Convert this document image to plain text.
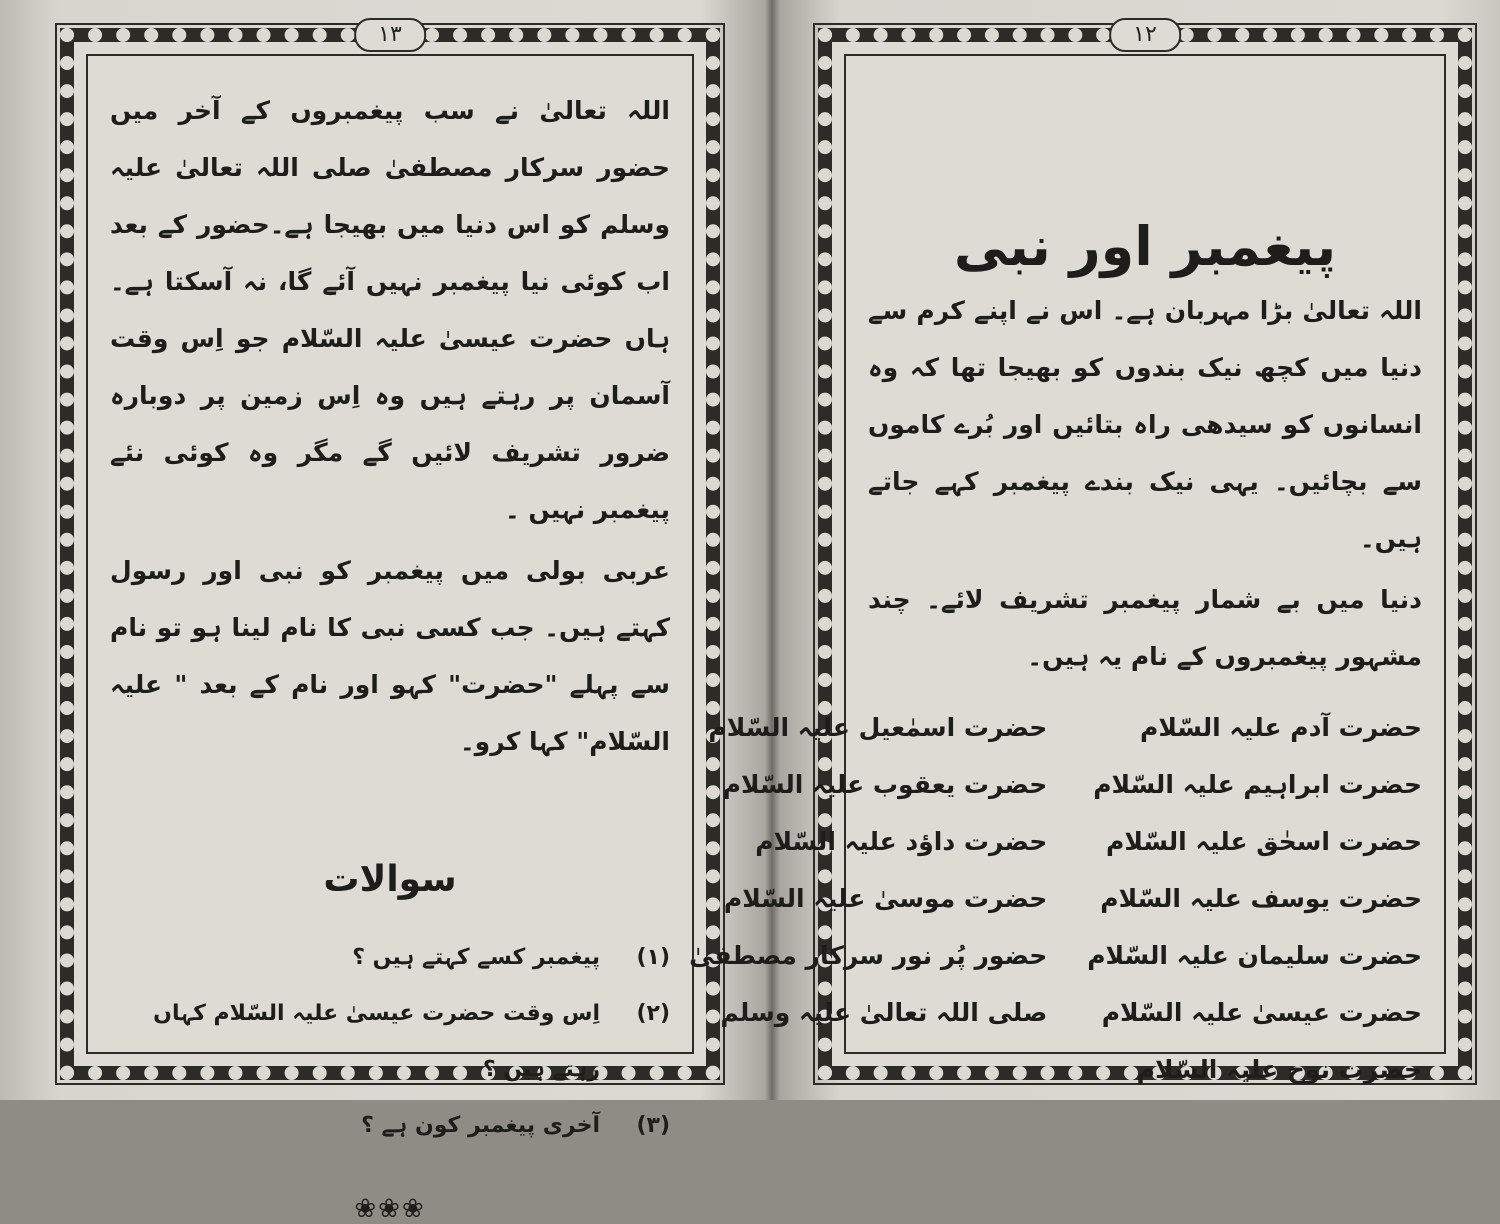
۱۳

اللہ تعالیٰ نے سب پیغمبروں کے آخر میں حضور سرکار مصطفیٰ صلی اللہ تعالیٰ علیہ وسلم کو اس دنیا میں بھیجا ہے۔حضور کے بعد اب کوئی نیا پیغمبر نہیں آئے گا، نہ آسکتا ہے۔ ہاں حضرت عیسیٰ علیہ السّلام جو اِس وقت آسمان پر رہتے ہیں وہ اِس زمین پر دوبارہ ضرور تشریف لائیں گے مگر وہ کوئی نئے پیغمبر نہیں ۔

عربی بولی میں پیغمبر کو نبی اور رسول کہتے ہیں۔ جب کسی نبی کا نام لینا ہو تو نام سے پہلے "حضرت" کہو اور نام کے بعد " علیہ السّلام" کہا کرو۔

سوالات
(۱)
پیغمبر کسے کہتے ہیں ؟
(۲)
اِس وقت حضرت عیسیٰ علیہ السّلام کہاں رہتے ہیں ؟
(۳)
آخری پیغمبر کون ہے ؟
❀❀❀
۱۲
پیغمبر اور نبی

اللہ تعالیٰ بڑا مہربان ہے۔ اس نے اپنے کرم سے دنیا میں کچھ نیک بندوں کو بھیجا تھا کہ وہ انسانوں کو سیدھی راہ بتائیں اور بُرے کاموں سے بچائیں۔ یہی نیک بندے پیغمبر کہے جاتے ہیں۔

دنیا میں بے شمار پیغمبر تشریف لائے۔ چند مشہور پیغمبروں کے نام یہ ہیں۔

حضرت آدم علیہ السّلام
حضرت ابراہیم علیہ السّلام
حضرت اسحٰق علیہ السّلام
حضرت یوسف علیہ السّلام
حضرت سلیمان علیہ السّلام
حضرت عیسیٰ علیہ السّلام
حضرت نوح علیہ السّلام
حضرت اسمٰعیل علیہ السّلام
حضرت یعقوب علیہ السّلام
حضرت داؤد علیہ السّلام
حضرت موسیٰ علیہ السّلام
حضور پُر نور سرکار مصطفیٰ
صلی اللہ تعالیٰ علیہ وسلم
